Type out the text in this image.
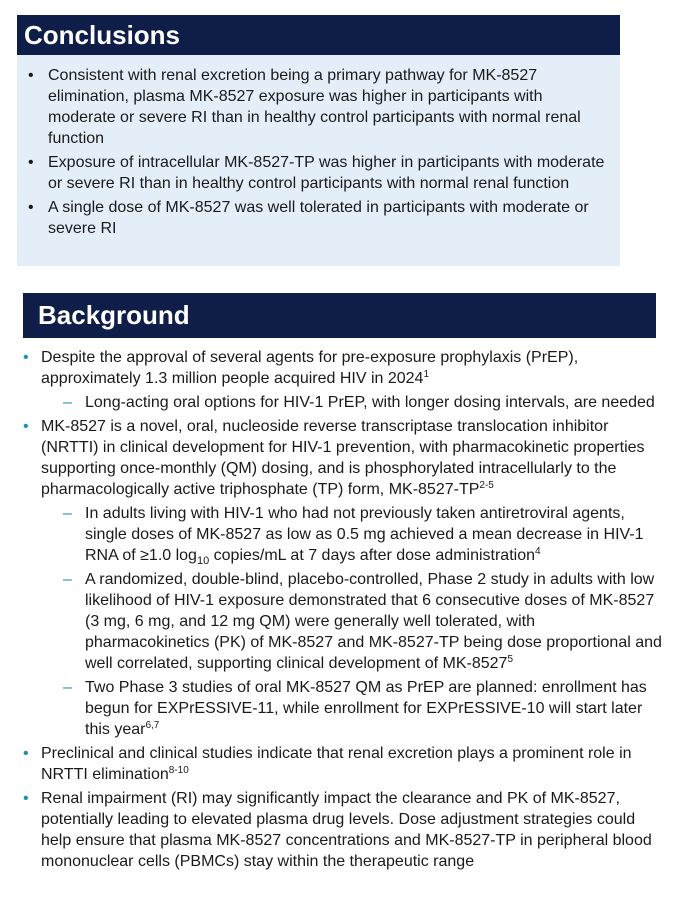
Conclusions
• Consistent with renal excretion being a primary pathway for MK-8527 elimination, plasma MK-8527 exposure was higher in participants with moderate or severe RI than in healthy control participants with normal renal function
• Exposure of intracellular MK-8527-TP was higher in participants with moderate or severe RI than in healthy control participants with normal renal function
• A single dose of MK-8527 was well tolerated in participants with moderate or severe RI
Background
• Despite the approval of several agents for pre-exposure prophylaxis (PrEP), approximately 1.3 million people acquired HIV in 2024$^1$
– Long-acting oral options for HIV-1 PrEP, with longer dosing intervals, are needed
• MK-8527 is a novel, oral, nucleoside reverse transcriptase translocation inhibitor (NRTTI) in clinical development for HIV-1 prevention, with pharmacokinetic properties supporting once-monthly (QM) dosing, and is phosphorylated intracellularly to the pharmacologically active triphosphate (TP) form, MK-8527-TP$^{2-5}$
– In adults living with HIV-1 who had not previously taken antiretroviral agents, single doses of MK-8527 as low as 0.5 mg achieved a mean decrease in HIV-1 RNA of ≥1.0 $\log_{10}$ copies/mL at 7 days after dose administration$^4$
– A randomized, double-blind, placebo-controlled, Phase 2 study in adults with low likelihood of HIV-1 exposure demonstrated that 6 consecutive doses of MK-8527 (3 mg, 6 mg, and 12 mg QM) were generally well tolerated, with pharmacokinetics (PK) of MK-8527 and MK-8527-TP being dose proportional and well correlated, supporting clinical development of MK-8527$^5$
– Two Phase 3 studies of oral MK-8527 QM as PrEP are planned: enrollment has begun for EXPrESSIVE-11, while enrollment for EXPrESSIVE-10 will start later this year$^{6,7}$
• Preclinical and clinical studies indicate that renal excretion plays a prominent role in NRTTI elimination$^{8-10}$
• Renal impairment (RI) may significantly impact the clearance and PK of MK-8527, potentially leading to elevated plasma drug levels. Dose adjustment strategies could help ensure that plasma MK-8527 concentrations and MK-8527-TP in peripheral blood mononuclear cells (PBMCs) stay within the therapeutic range
